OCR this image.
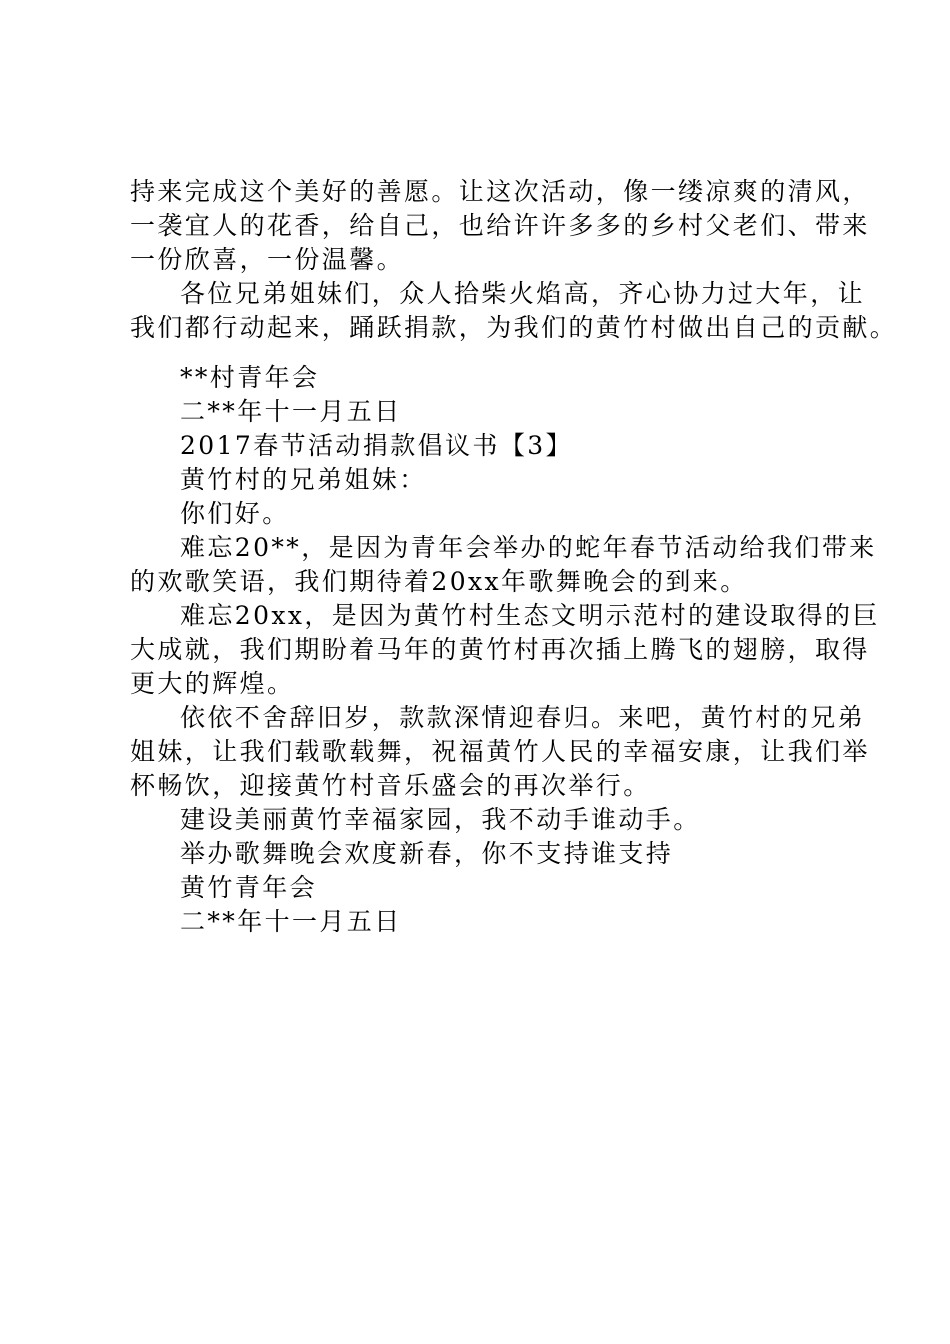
持来完成这个美好的善愿。让这次活动，像一缕凉爽的清风，
一袭宜人的花香，给自己，也给许许多多的乡村父老们、带来
一份欣喜，一份温馨。
各位兄弟姐妹们，众人拾柴火焰高，齐心协力过大年，让
我们都行动起来，踊跃捐款，为我们的黄竹村做出自己的贡献。
**村青年会
二**年十一月五日
2017春节活动捐款倡议书【3】
黄竹村的兄弟姐妹：
你们好。
难忘20**，是因为青年会举办的蛇年春节活动给我们带来
的欢歌笑语，我们期待着20xx年歌舞晚会的到来。
难忘20xx，是因为黄竹村生态文明示范村的建设取得的巨
大成就，我们期盼着马年的黄竹村再次插上腾飞的翅膀，取得
更大的辉煌。
依依不舍辞旧岁，款款深情迎春归。来吧，黄竹村的兄弟
姐妹，让我们载歌载舞，祝福黄竹人民的幸福安康，让我们举
杯畅饮，迎接黄竹村音乐盛会的再次举行。
建设美丽黄竹幸福家园，我不动手谁动手。
举办歌舞晚会欢度新春，你不支持谁支持
黄竹青年会
二**年十一月五日
